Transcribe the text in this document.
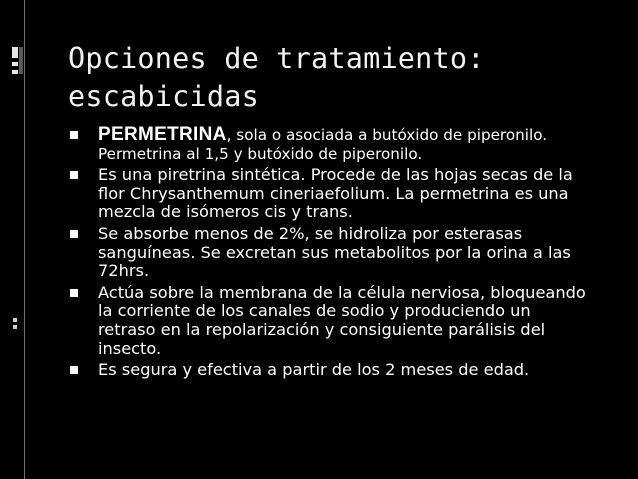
Opciones de tratamiento:
escabicidas
PERMETRINA, sola o asociada a butóxido de piperonilo.
Permetrina al 1,5 y butóxido de piperonilo.
Es una piretrina sintética. Procede de las hojas secas de la
flor Chrysanthemum cineriaefolium. La permetrina es una
mezcla de isómeros cis y trans.
Se absorbe menos de 2%, se hidroliza por esterasas
sanguíneas. Se excretan sus metabolitos por la orina a las
72hrs.
Actúa sobre la membrana de la célula nerviosa, bloqueando
la corriente de los canales de sodio y produciendo un
retraso en la repolarización y consiguiente parálisis del
insecto.
Es segura y efectiva a partir de los 2 meses de edad.
